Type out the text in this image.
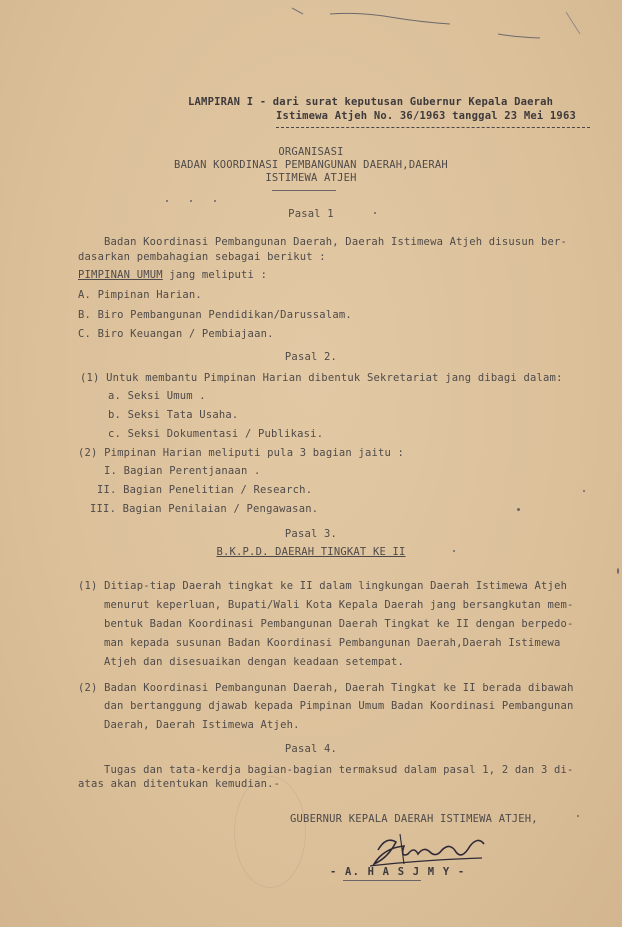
LAMPIRAN I - dari surat keputusan Gubernur Kepala Daerah
Istimewa Atjeh No. 36/1963 tanggal 23 Mei 1963
ORGANISASI
BADAN KOORDINASI PEMBANGUNAN DAERAH,DAERAH
ISTIMEWA ATJEH
Pasal 1
Badan Koordinasi Pembangunan Daerah, Daerah Istimewa Atjeh disusun ber-
dasarkan pembahagian sebagai berikut :
PIMPINAN UMUM jang meliputi :
A. Pimpinan Harian.
B. Biro Pembangunan Pendidikan/Darussalam.
C. Biro Keuangan / Pembiajaan.
Pasal 2.
(1) Untuk membantu Pimpinan Harian dibentuk Sekretariat jang dibagi dalam:
a. Seksi Umum .
b. Seksi Tata Usaha.
c. Seksi Dokumentasi / Publikasi.
(2) Pimpinan Harian meliputi pula 3 bagian jaitu :
I. Bagian Perentjanaan .
II. Bagian Penelitian / Research.
III. Bagian Penilaian / Pengawasan.
Pasal 3.
B.K.P.D. DAERAH TINGKAT KE II
(1) Ditiap-tiap Daerah tingkat ke II dalam lingkungan Daerah Istimewa Atjeh
menurut keperluan, Bupati/Wali Kota Kepala Daerah jang bersangkutan mem-
bentuk Badan Koordinasi Pembangunan Daerah Tingkat ke II dengan berpedo-
man kepada susunan Badan Koordinasi Pembangunan Daerah,Daerah Istimewa
Atjeh dan disesuaikan dengan keadaan setempat.
(2) Badan Koordinasi Pembangunan Daerah, Daerah Tingkat ke II berada dibawah
dan bertanggung djawab kepada Pimpinan Umum Badan Koordinasi Pembangunan
Daerah, Daerah Istimewa Atjeh.
Pasal 4.
Tugas dan tata-kerdja bagian-bagian termaksud dalam pasal 1, 2 dan 3 di-
atas akan ditentukan kemudian.-
GUBERNUR KEPALA DAERAH ISTIMEWA ATJEH,
- A. H A S J M Y -
